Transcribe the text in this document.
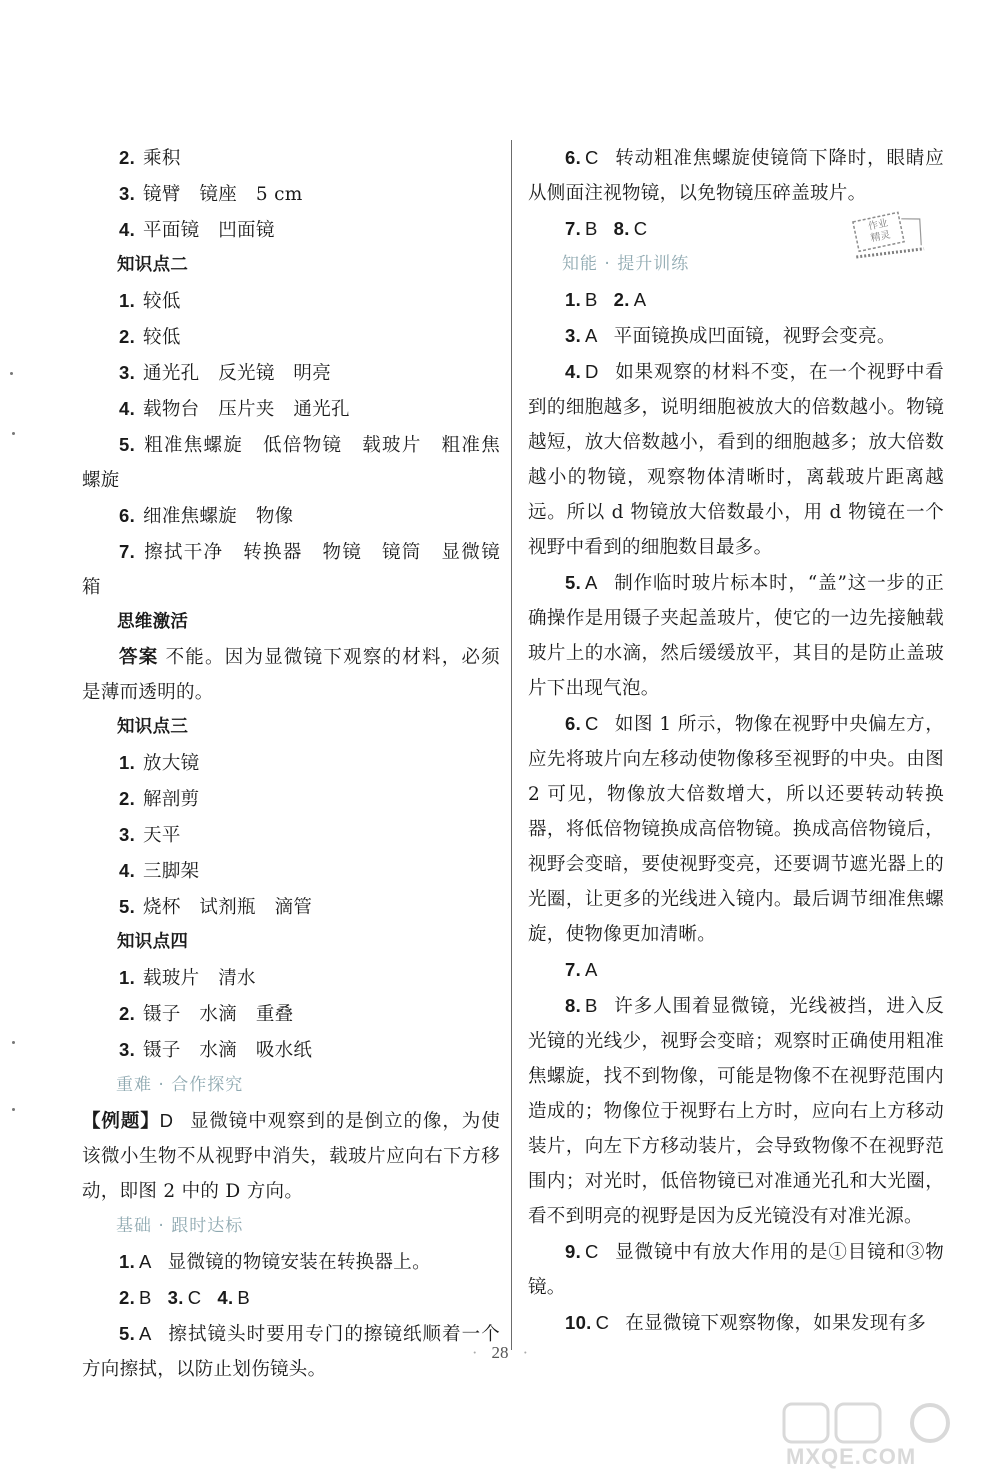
2. 乘积

3. 镜臂　镜座　5 cm

4. 平面镜　凹面镜

知识点二

1. 较低

2. 较低

3. 通光孔　反光镜　明亮

4. 载物台　压片夹　通光孔

5. 粗准焦螺旋　低倍物镜　载玻片　粗准焦螺旋

6. 细准焦螺旋　物像

7. 擦拭干净　转换器　物镜　镜筒　显微镜箱

思维激活

答案 不能。因为显微镜下观察的材料，必须是薄而透明的。

知识点三

1. 放大镜

2. 解剖剪

3. 天平

4. 三脚架

5. 烧杯　试剂瓶　滴管

知识点四

1. 载玻片　清水

2. 镊子　水滴　重叠

3. 镊子　水滴　吸水纸

重难 · 合作探究

【例题】D 显微镜中观察到的是倒立的像，为使该微小生物不从视野中消失，载玻片应向右下方移动，即图 2 中的 D 方向。

基础 · 跟时达标

1. A 显微镜的物镜安装在转换器上。

2. B 3. C 4. B

5. A 擦拭镜头时要用专门的擦镜纸顺着一个方向擦拭，以防止划伤镜头。

6. C 转动粗准焦螺旋使镜筒下降时，眼睛应从侧面注视物镜，以免物镜压碎盖玻片。

7. B 8. C

知能 · 提升训练

1. B 2. A

3. A 平面镜换成凹面镜，视野会变亮。

4. D 如果观察的材料不变，在一个视野中看到的细胞越多，说明细胞被放大的倍数越小。物镜越短，放大倍数越小，看到的细胞越多；放大倍数越小的物镜，观察物体清晰时，离载玻片距离越远。所以 d 物镜放大倍数最小，用 d 物镜在一个视野中看到的细胞数目最多。

5. A 制作临时玻片标本时，“盖”这一步的正确操作是用镊子夹起盖玻片，使它的一边先接触载玻片上的水滴，然后缓缓放平，其目的是防止盖玻片下出现气泡。

6. C 如图 1 所示，物像在视野中央偏左方，应先将玻片向左移动使物像移至视野的中央。由图 2 可见，物像放大倍数增大，所以还要转动转换器，将低倍物镜换成高倍物镜。换成高倍物镜后，视野会变暗，要使视野变亮，还要调节遮光器上的光圈，让更多的光线进入镜内。最后调节细准焦螺旋，使物像更加清晰。

7. A

8. B 许多人围着显微镜，光线被挡，进入反光镜的光线少，视野会变暗；观察时正确使用粗准焦螺旋，找不到物像，可能是物像不在视野范围内造成的；物像位于视野右上方时，应向右上方移动装片，向左下方移动装片，会导致物像不在视野范围内；对光时，低倍物镜已对准通光孔和大光圈，看不到明亮的视野是因为反光镜没有对准光源。

9. C 显微镜中有放大作用的是①目镜和③物镜。

10. C 在显微镜下观察物像，如果发现有多

作业
精灵
· 28 ·
MXQE.COM
